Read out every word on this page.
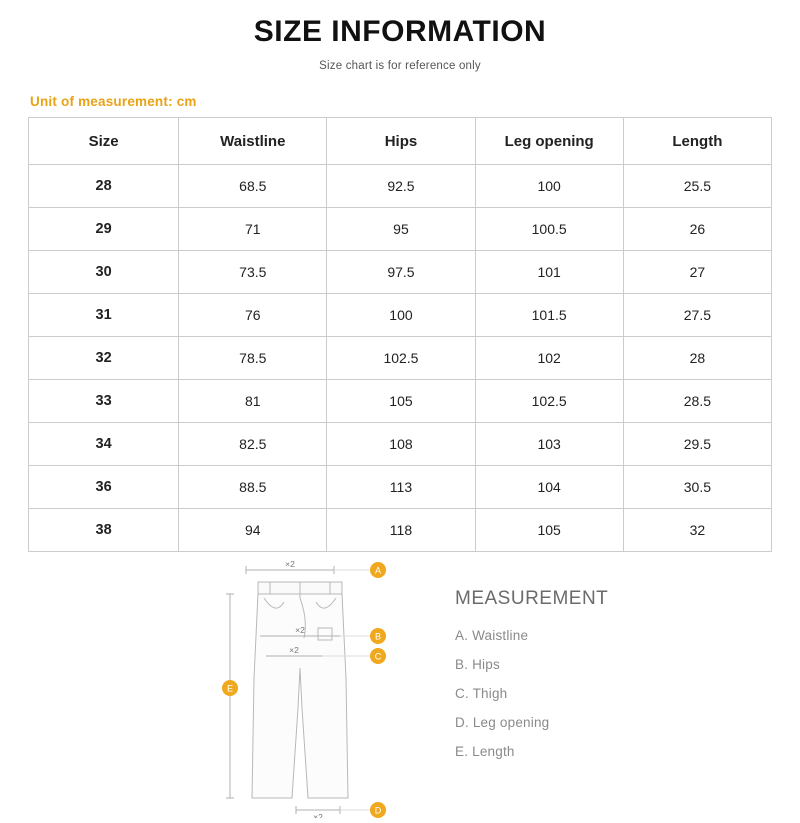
SIZE INFORMATION
Size chart is for reference only
Unit of measurement: cm
Size	Waistline	Hips	Leg opening	Length
28	68.5	92.5	100	25.5
29	71	95	100.5	26
30	73.5	97.5	101	27
31	76	100	101.5	27.5
32	78.5	102.5	102	28
33	81	105	102.5	28.5
34	82.5	108	103	29.5
36	88.5	113	104	30.5
38	94	118	105	32
×2
×2
×2
×2
A
B
C
D
E
MEASUREMENT
A. Waistline
B. Hips
C. Thigh
D. Leg opening
E. Length
